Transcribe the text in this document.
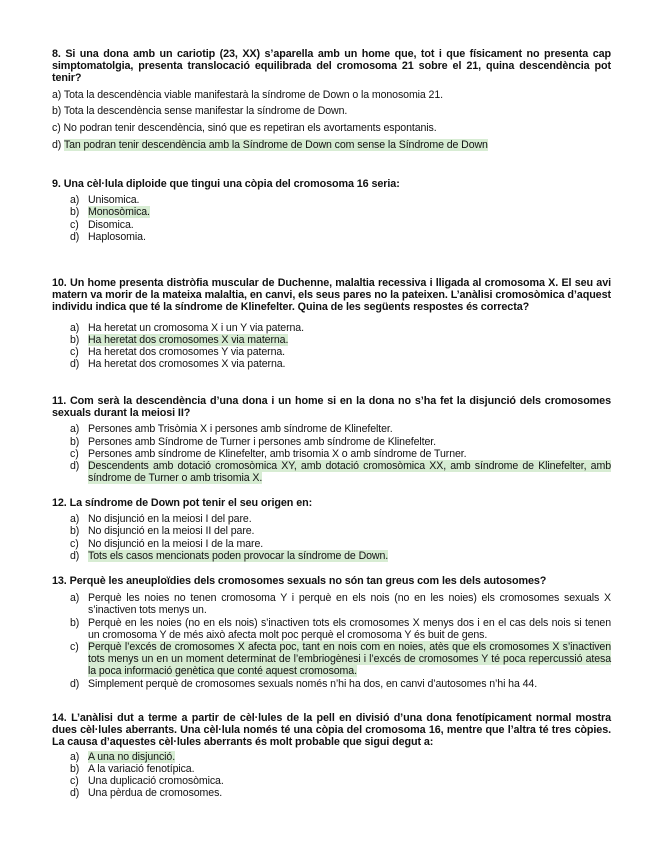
8. Si una dona amb un cariotip (23, XX) s’aparella amb un home que, tot i que físicament no presenta cap simptomatolgia, presenta translocació equilibrada del cromosoma 21 sobre el 21, quina descendència pot tenir?

a) Tota la descendència viable manifestarà la síndrome de Down o la monosomia 21.
b) Tota la descendència sense manifestar la síndrome de Down.
c) No podran tenir descendència, sinó que es repetiran els avortaments espontanis.
d) Tan podran tenir descendència amb la Síndrome de Down com sense la Síndrome de Down

9. Una cèl·lula diploide que tingui una còpia del cromosoma 16 seria:

a) Unisomica.
b) Monosòmica.
c) Disomica.
d) Haplosomia.

10. Un home presenta distròfia muscular de Duchenne, malaltia recessiva i lligada al cromosoma X. El seu avi matern va morir de la mateixa malaltia, en canvi, els seus pares no la pateixen. L’anàlisi cromosòmica d’aquest individu indica que té la síndrome de Klinefelter. Quina de les següents respostes és correcta?

a) Ha heretat un cromosoma X i un Y via paterna.
b) Ha heretat dos cromosomes X via materna.
c) Ha heretat dos cromosomes Y via paterna.
d) Ha heretat dos cromosomes X via paterna.

11. Com serà la descendència d’una dona i un home si en la dona no s’ha fet la disjunció dels cromosomes sexuals durant la meiosi II?

a) Persones amb Trisòmia X i persones amb síndrome de Klinefelter.
b) Persones amb Síndrome de Turner i persones amb síndrome de Klinefelter.
c) Persones amb síndrome de Klinefelter, amb trisomia X o amb síndrome de Turner.
d) Descendents amb dotació cromosòmica XY, amb dotació cromosòmica XX, amb síndrome de Klinefelter, amb síndrome de Turner o amb trisomia X.

12. La síndrome de Down pot tenir el seu origen en:

a) No disjunció en la meiosi I del pare.
b) No disjunció en la meiosi II del pare.
c) No disjunció en la meiosi I de la mare.
d) Tots els casos mencionats poden provocar la síndrome de Down.

13. Perquè les aneuploïdies dels cromosomes sexuals no són tan greus com les dels autosomes?

a) Perquè les noies no tenen cromosoma Y i perquè en els nois (no en les noies) els cromosomes sexuals X s’inactiven tots menys un.
b) Perquè en les noies (no en els nois) s’inactiven tots els cromosomes X menys dos i en el cas dels nois si tenen un cromosoma Y de més això afecta molt poc perquè el cromosoma Y és buit de gens.
c) Perquè l’excés de cromosomes X afecta poc, tant en nois com en noies, atès que els cromosomes X s’inactiven tots menys un en un moment determinat de l’embriogènesi i l’excés de cromosomes Y té poca repercussió atesa la poca informació genètica que conté aquest cromosoma.
d) Simplement perquè de cromosomes sexuals només n’hi ha dos, en canvi d’autosomes n’hi ha 44.

14. L’anàlisi dut a terme a partir de cèl·lules de la pell en divisió d’una dona fenotípicament normal mostra dues cèl·lules aberrants. Una cèl·lula només té una còpia del cromosoma 16, mentre que l’altra té tres còpies. La causa d’aquestes cèl·lules aberrants és molt probable que sigui degut a:

a) A una no disjunció.
b) A la variació fenotípica.
c) Una duplicació cromosòmica.
d) Una pèrdua de cromosomes.
